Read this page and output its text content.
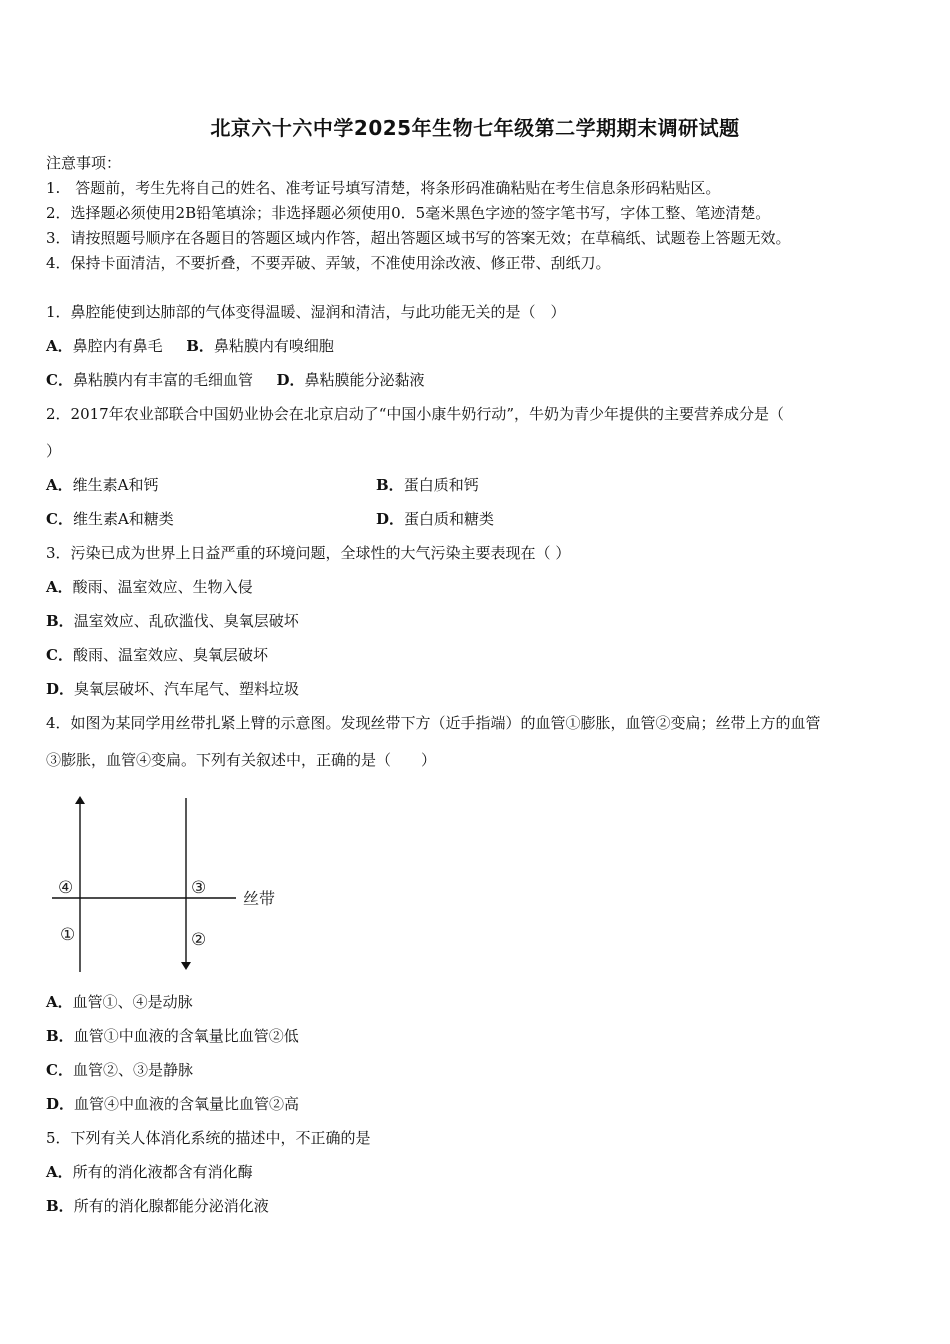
北京六十六中学2025年生物七年级第二学期期末调研试题
注意事项：
1.　答题前，考生先将自己的姓名、准考证号填写清楚，将条形码准确粘贴在考生信息条形码粘贴区。
2．选择题必须使用2B铅笔填涂；非选择题必须使用0．5毫米黑色字迹的签字笔书写，字体工整、笔迹清楚。
3．请按照题号顺序在各题目的答题区域内作答，超出答题区域书写的答案无效；在草稿纸、试题卷上答题无效。
4．保持卡面清洁，不要折叠，不要弄破、弄皱，不准使用涂改液、修正带、刮纸刀。
1．鼻腔能使到达肺部的气体变得温暖、湿润和清洁，与此功能无关的是（　）
A．鼻腔内有鼻毛 B．鼻粘膜内有嗅细胞
C．鼻粘膜内有丰富的毛细血管 D．鼻粘膜能分泌黏液
2．2017年农业部联合中国奶业协会在北京启动了“中国小康牛奶行动”，牛奶为青少年提供的主要营养成分是（
）
A．维生素A和钙	B．蛋白质和钙
C．维生素A和糖类	D．蛋白质和糖类
3．污染已成为世界上日益严重的环境问题，全球性的大气污染主要表现在（ ）
A．酸雨、温室效应、生物入侵
B．温室效应、乱砍滥伐、臭氧层破坏
C．酸雨、温室效应、臭氧层破坏
D．臭氧层破坏、汽车尾气、塑料垃圾
4．如图为某同学用丝带扎紧上臂的示意图。发现丝带下方（近手指端）的血管①膨胀，血管②变扁；丝带上方的血管
③膨胀，血管④变扁。下列有关叙述中，正确的是（　　）
丝带
④	③
①	②
A．血管①、④是动脉
B．血管①中血液的含氧量比血管②低
C．血管②、③是静脉
D．血管④中血液的含氧量比血管②高
5．下列有关人体消化系统的描述中，不正确的是
A．所有的消化液都含有消化酶
B．所有的消化腺都能分泌消化液
